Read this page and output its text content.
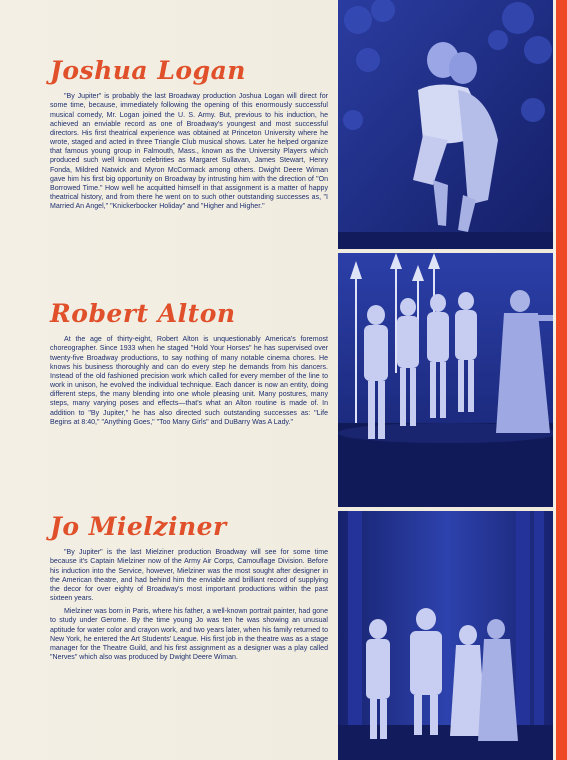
Joshua Logan

"By Jupiter" is probably the last Broadway production Joshua Logan will direct for some time, because, immediately following the opening of this enormously successful musical comedy, Mr. Logan joined the U. S. Army. But, previous to his induction, he achieved an enviable record as one of Broadway's youngest and most successful directors. His first theatrical experience was obtained at Princeton University where he wrote, staged and acted in three Triangle Club musical shows. Later he helped organize that famous young group in Falmouth, Mass., known as the University Players which produced such well known celebrities as Margaret Sullavan, James Stewart, Henry Fonda, Mildred Natwick and Myron McCormack among others. Dwight Deere Wiman gave him his first big opportunity on Broadway by intrusting him with the direction of "On Borrowed Time." How well he acquitted himself in that assignment is a matter of happy theatrical history, and from there he went on to such other outstanding successes as, "I Married An Angel," "Knickerbocker Holiday" and "Higher and Higher."

Robert Alton

At the age of thirty-eight, Robert Alton is unquestionably America's foremost choreographer. Since 1933 when he staged "Hold Your Horses" he has supervised over twenty-five Broadway productions, to say nothing of many notable cinema chores. He knows his business thoroughly and can do every step he demands from his dancers. Instead of the old fashioned precision work which called for every member of the line to work in unison, he evolved the individual technique. Each dancer is now an entity, doing different steps, the many blending into one whole pleasing unit. Many postures, many steps, many varying poses and effects—that's what an Alton routine is made of. In addition to "By Jupiter," he has also directed such outstanding successes as: "Life Begins at 8:40," "Anything Goes," "Too Many Girls" and DuBarry Was A Lady."

Jo Mielziner

"By Jupiter" is the last Mielziner production Broadway will see for some time because it's Captain Mielziner now of the Army Air Corps, Camouflage Division. Before his induction into the Service, however, Mielziner was the most sought after designer in the American theatre, and had behind him the enviable and brilliant record of supplying the decor for over eighty of Broadway's most important productions within the past sixteen years.

Mielziner was born in Paris, where his father, a well-known portrait painter, had gone to study under Gerome. By the time young Jo was ten he was showing an unusual aptitude for water color and crayon work, and two years later, when his family returned to New York, he entered the Art Students' League. His first job in the theatre was as a stage manager for the Theatre Guild, and his first assignment as a designer was a play called "Nerves" which also was produced by Dwight Deere Wiman.
